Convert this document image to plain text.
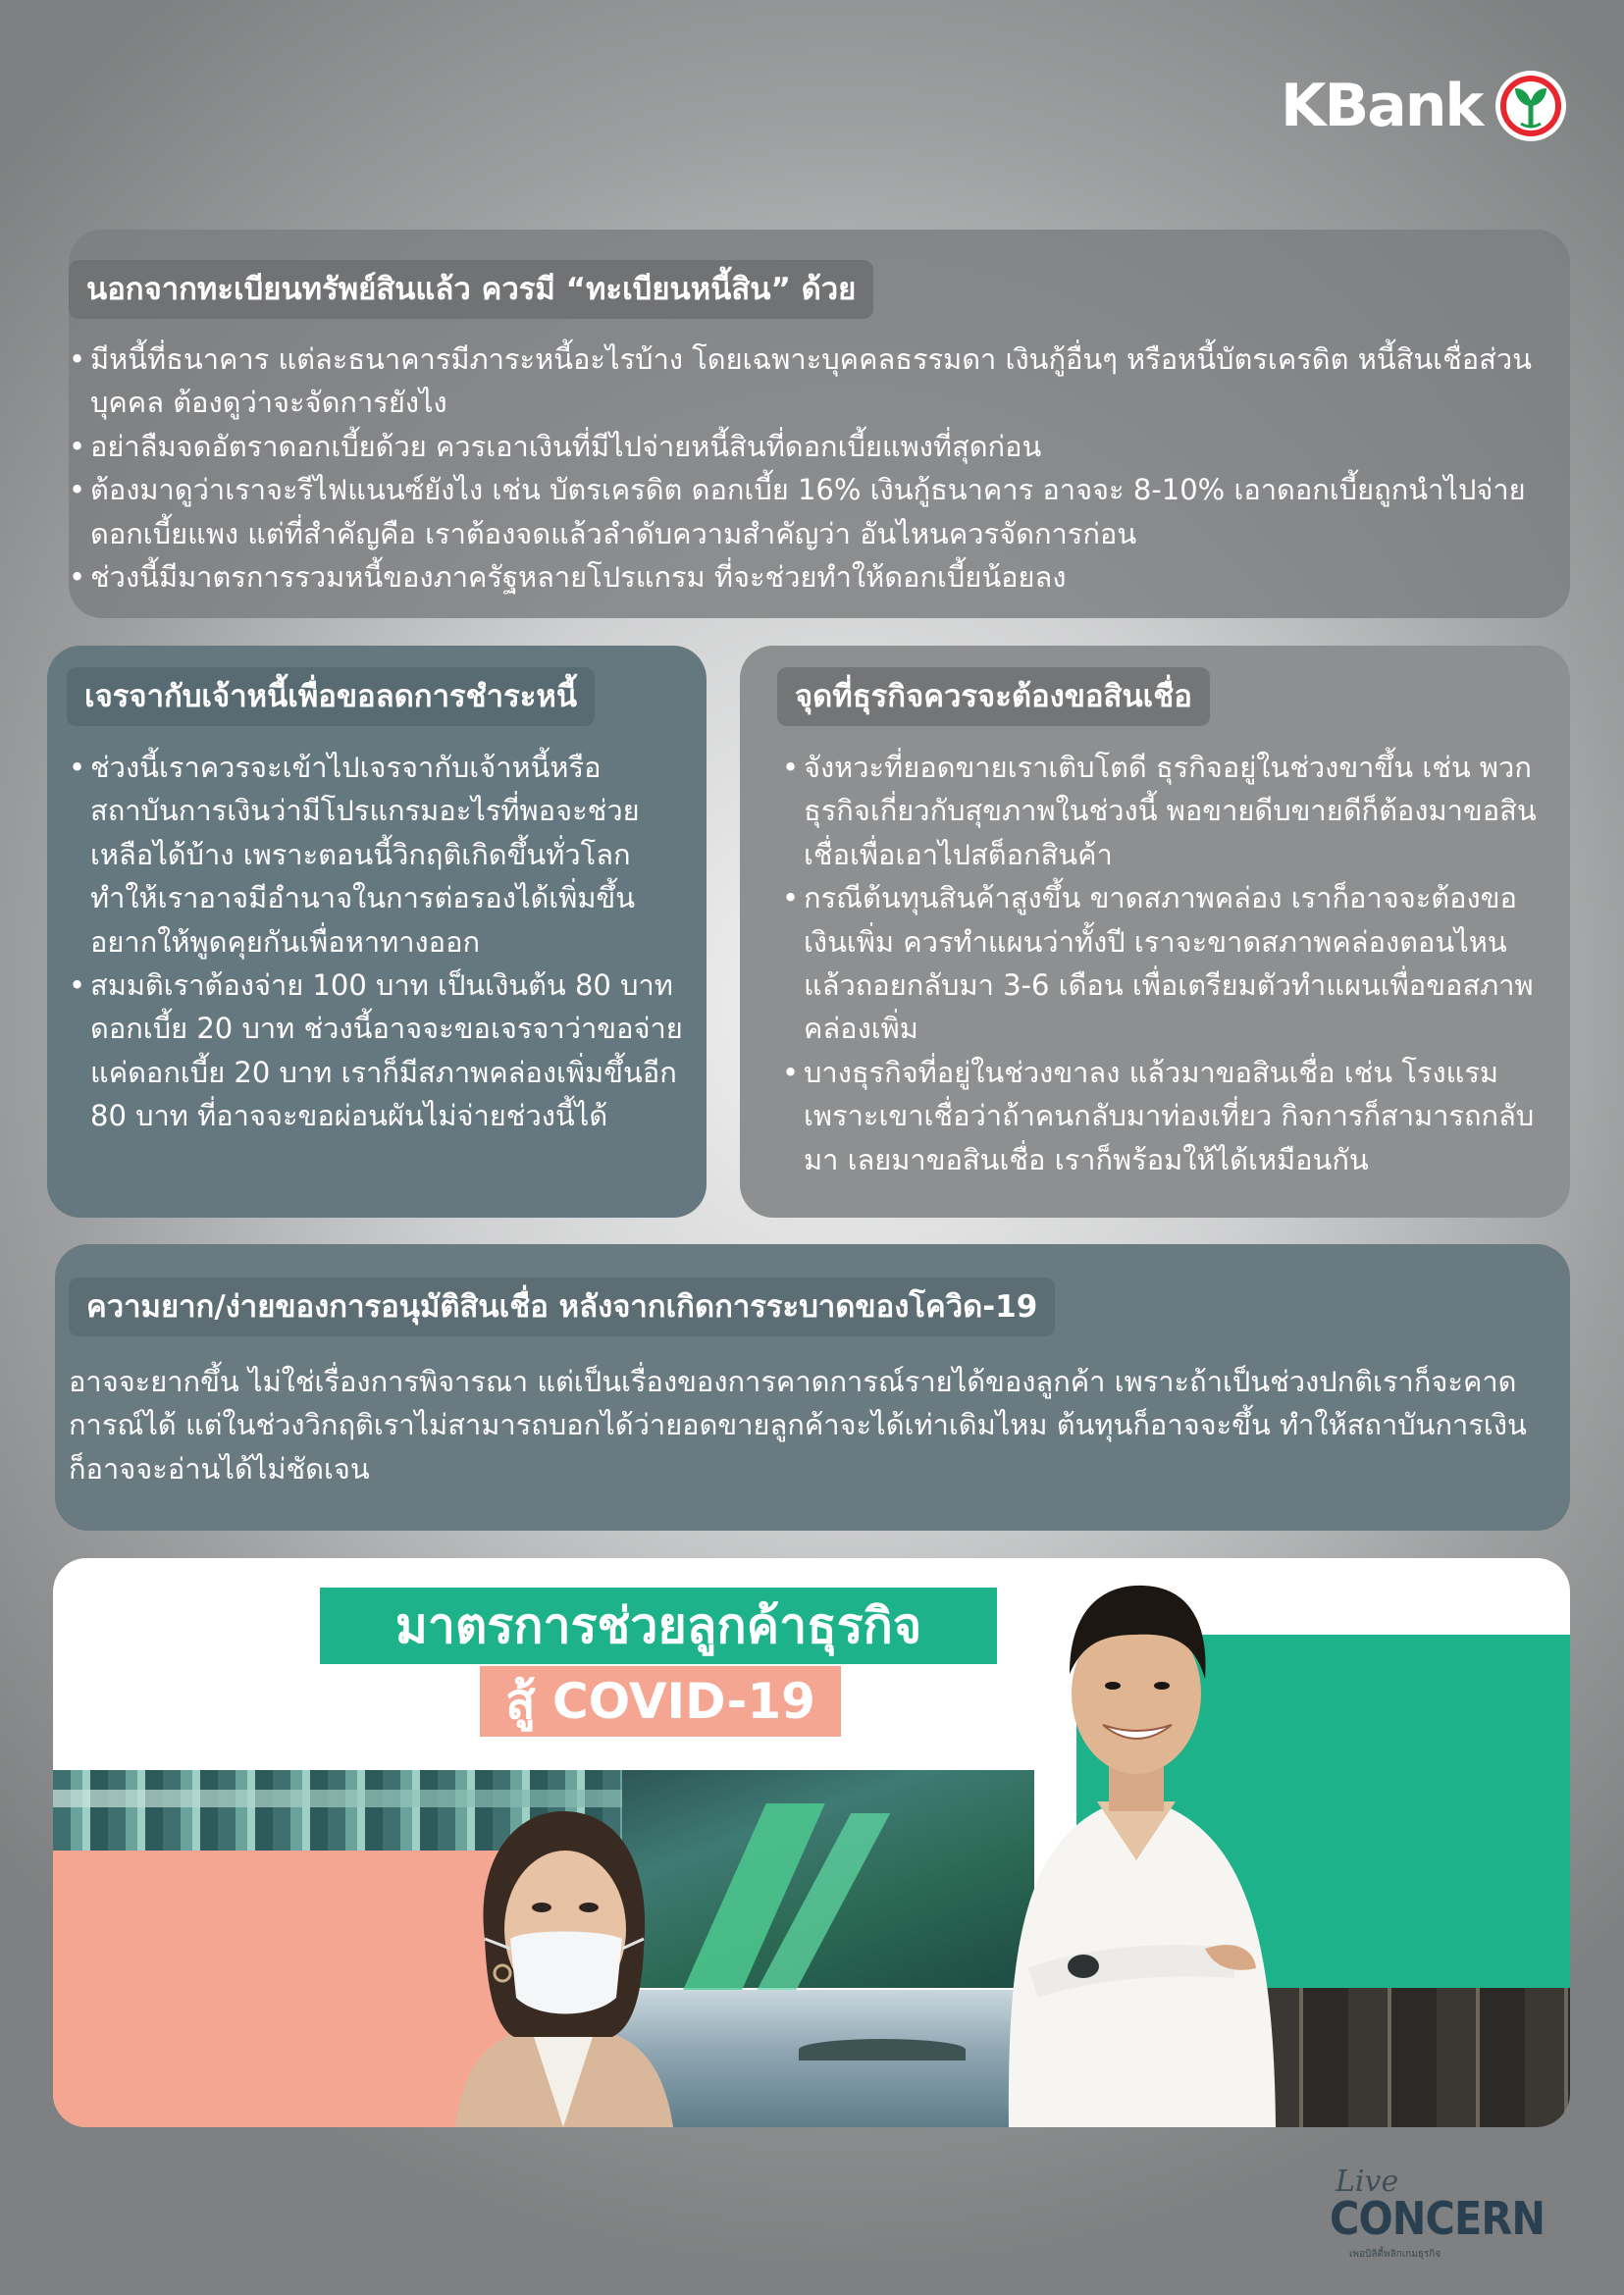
KBank
นอกจากทะเบียนทรัพย์สินแล้ว ควรมี “ทะเบียนหนี้สิน” ด้วย
• มีหนี้ที่ธนาคาร แต่ละธนาคารมีภาระหนี้อะไรบ้าง โดยเฉพาะบุคคลธรรมดา เงินกู้อื่นๆ หรือหนี้บัตรเครดิต หนี้สินเชื่อส่วนบุคคล ต้องดูว่าจะจัดการยังไง
• อย่าลืมจดอัตราดอกเบี้ยด้วย ควรเอาเงินที่มีไปจ่ายหนี้สินที่ดอกเบี้ยแพงที่สุดก่อน
• ต้องมาดูว่าเราจะรีไฟแนนซ์ยังไง เช่น บัตรเครดิต ดอกเบี้ย 16% เงินกู้ธนาคาร อาจจะ 8-10% เอาดอกเบี้ยถูกนำไปจ่ายดอกเบี้ยแพง แต่ที่สำคัญคือ เราต้องจดแล้วลำดับความสำคัญว่า อันไหนควรจัดการก่อน
• ช่วงนี้มีมาตรการรวมหนี้ของภาครัฐหลายโปรแกรม ที่จะช่วยทำให้ดอกเบี้ยน้อยลง
เจรจากับเจ้าหนี้เพื่อขอลดการชำระหนี้
• ช่วงนี้เราควรจะเข้าไปเจรจากับเจ้าหนี้หรือสถาบันการเงินว่ามีโปรแกรมอะไรที่พอจะช่วยเหลือได้บ้าง เพราะตอนนี้วิกฤติเกิดขึ้นทั่วโลก ทำให้เราอาจมีอำนาจในการต่อรองได้เพิ่มขึ้นอยากให้พูดคุยกันเพื่อหาทางออก
• สมมติเราต้องจ่าย 100 บาท เป็นเงินต้น 80 บาท ดอกเบี้ย 20 บาท ช่วงนี้อาจจะขอเจรจาว่าขอจ่ายแค่ดอกเบี้ย 20 บาท เราก็มีสภาพคล่องเพิ่มขึ้นอีก 80 บาท ที่อาจจะขอผ่อนผันไม่จ่ายช่วงนี้ได้
จุดที่ธุรกิจควรจะต้องขอสินเชื่อ
• จังหวะที่ยอดขายเราเติบโตดี ธุรกิจอยู่ในช่วงขาขึ้น เช่น พวกธุรกิจเกี่ยวกับสุขภาพในช่วงนี้ พอขายดีบขายดีก็ต้องมาขอสินเชื่อเพื่อเอาไปสต็อกสินค้า
• กรณีต้นทุนสินค้าสูงขึ้น ขาดสภาพคล่อง เราก็อาจจะต้องขอเงินเพิ่ม ควรทำแผนว่าทั้งปี เราจะขาดสภาพคล่องตอนไหน แล้วถอยกลับมา 3-6 เดือน เพื่อเตรียมตัวทำแผนเพื่อขอสภาพคล่องเพิ่ม
• บางธุรกิจที่อยู่ในช่วงขาลง แล้วมาขอสินเชื่อ เช่น โรงแรม เพราะเขาเชื่อว่าถ้าคนกลับมาท่องเที่ยว กิจการก็สามารถกลับมา เลยมาขอสินเชื่อ เราก็พร้อมให้ได้เหมือนกัน
ความยาก/ง่ายของการอนุมัติสินเชื่อ หลังจากเกิดการระบาดของโควิด-19
อาจจะยากขึ้น ไม่ใช่เรื่องการพิจารณา แต่เป็นเรื่องของการคาดการณ์รายได้ของลูกค้า เพราะถ้าเป็นช่วงปกติเราก็จะคาดการณ์ได้ แต่ในช่วงวิกฤติเราไม่สามารถบอกได้ว่ายอดขายลูกค้าจะได้เท่าเดิมไหม ต้นทุนก็อาจจะขึ้น ทำให้สถาบันการเงินก็อาจจะอ่านได้ไม่ชัดเจน
มาตรการช่วยลูกค้าธุรกิจ
สู้ COVID-19
Live
CONCERN
เพอบิลิตี้พลิกเกมธุรกิจ
